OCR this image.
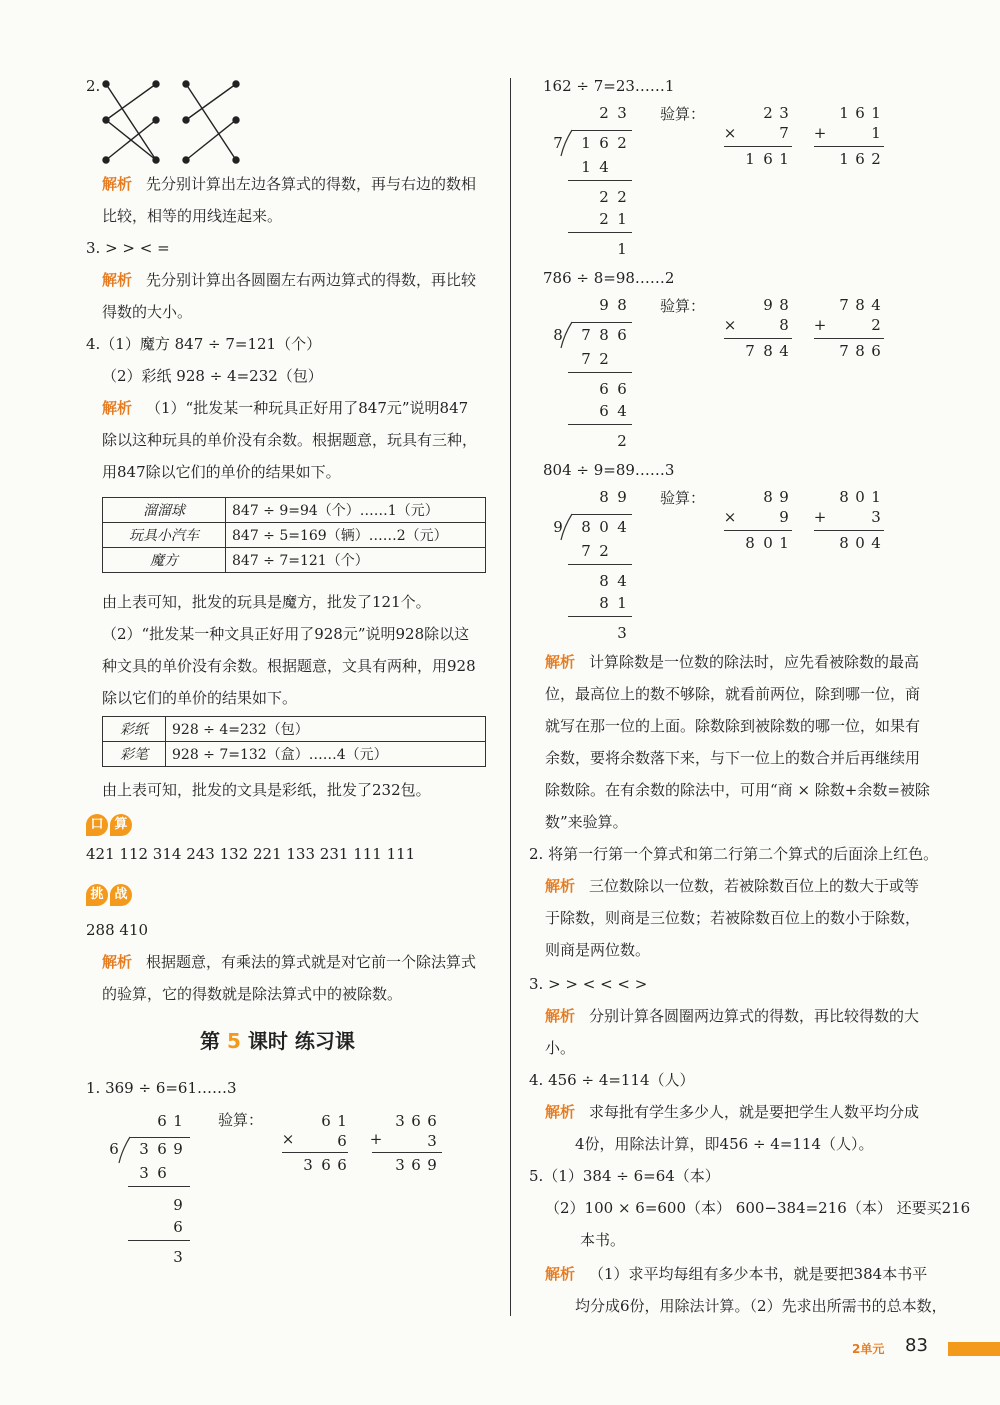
2.
解析 先分别计算出左边各算式的得数，再与右边的数相
比较，相等的用线连起来。
3. > > < =
解析 先分别计算出各圆圈左右两边算式的得数，再比较
得数的大小。
4.（1）魔方 847 ÷ 7=121（个）
（2）彩纸 928 ÷ 4=232（包）
解析 （1）“批发某一种玩具正好用了847元”说明847
除以这种玩具的单价没有余数。根据题意，玩具有三种，
用847除以它们的单价的结果如下。
溜溜球	847 ÷ 9=94（个）……1（元）
玩具小汽车	847 ÷ 5=169（辆）……2（元）
魔方	847 ÷ 7=121（个）
由上表可知，批发的玩具是魔方，批发了121个。
（2）“批发某一种文具正好用了928元”说明928除以这
种文具的单价没有余数。根据题意，文具有两种，用928
除以它们的单价的结果如下。
彩纸	928 ÷ 4=232（包）
彩笔	928 ÷ 7=132（盒）……4（元）
由上表可知，批发的文具是彩纸，批发了232包。
口 算
421 112 314 243 132 221 133 231 111 111
挑 战
288 410
解析 根据题意，有乘法的算式就是对它前一个除法算式
的验算，它的得数就是除法算式中的被除数。
第 5 课时 练习课
1. 369 ÷ 6=61……3
6 1
6 3 6 9
3 6
9
6
3
验算：	6 1
×	6
3 6 6
3 6 6
+	3
3 6 9
162 ÷ 7=23……1
2 3
7 1 6 2
1 4
2 2
2 1
1
验算：	2 3
×	7
1 6 1
1 6 1
+	1
1 6 2
786 ÷ 8=98……2
9 8
8 7 8 6
7 2
6 6
6 4
2
验算：	9 8
×	8
7 8 4
7 8 4
+	2
7 8 6
804 ÷ 9=89……3
8 9
9 8 0 4
7 2
8 4
8 1
3
验算：	8 9
×	9
8 0 1
8 0 1
+	3
8 0 4
解析 计算除数是一位数的除法时，应先看被除数的最高
位，最高位上的数不够除，就看前两位，除到哪一位，商
就写在那一位的上面。除数除到被除数的哪一位，如果有
余数，要将余数落下来，与下一位上的数合并后再继续用
除数除。在有余数的除法中，可用“商 × 除数+余数=被除
数”来验算。
2. 将第一行第一个算式和第二行第二个算式的后面涂上红色。
解析 三位数除以一位数，若被除数百位上的数大于或等
于除数，则商是三位数；若被除数百位上的数小于除数，
则商是两位数。
3. > > < < < >
解析 分别计算各圆圈两边算式的得数，再比较得数的大
小。
4. 456 ÷ 4=114（人）
解析 求每批有学生多少人，就是要把学生人数平均分成
4份，用除法计算，即456 ÷ 4=114（人）。
5.（1）384 ÷ 6=64（本）
（2）100 × 6=600（本） 600−384=216（本） 还要买216
本书。
解析 （1）求平均每组有多少本书，就是要把384本书平
均分成6份，用除法计算。（2）先求出所需书的总本数，
2单元 83
